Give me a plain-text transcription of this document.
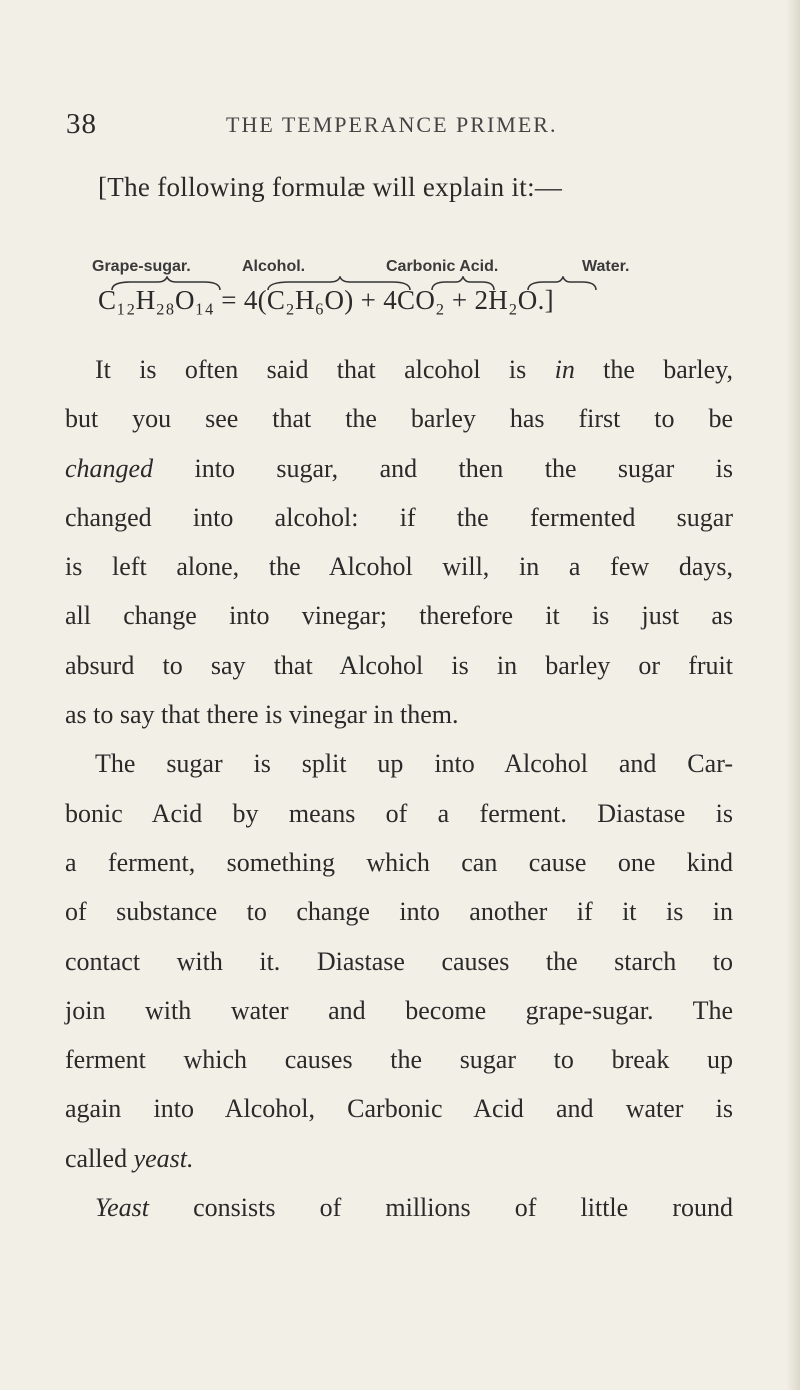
38	THE TEMPERANCE PRIMER.
[The following formulæ will explain it:—
Grape-sugar.	Alcohol.	Carbonic Acid.	Water.
C₁₂H₂₈O₁₄ = 4(C₂H₆O) + 4CO₂ + 2H₂O.]
It is often said that alcohol is in the barley,
but you see that the barley has first to be
changed into sugar, and then the sugar is
changed into alcohol: if the fermented sugar
is left alone, the Alcohol will, in a few days,
all change into vinegar; therefore it is just as
absurd to say that Alcohol is in barley or fruit
as to say that there is vinegar in them.
The sugar is split up into Alcohol and Car-
bonic Acid by means of a ferment. Diastase is
a ferment, something which can cause one kind
of substance to change into another if it is in
contact with it. Diastase causes the starch to
join with water and become grape-sugar. The
ferment which causes the sugar to break up
again into Alcohol, Carbonic Acid and water is
called yeast.
Yeast consists of millions of little round
